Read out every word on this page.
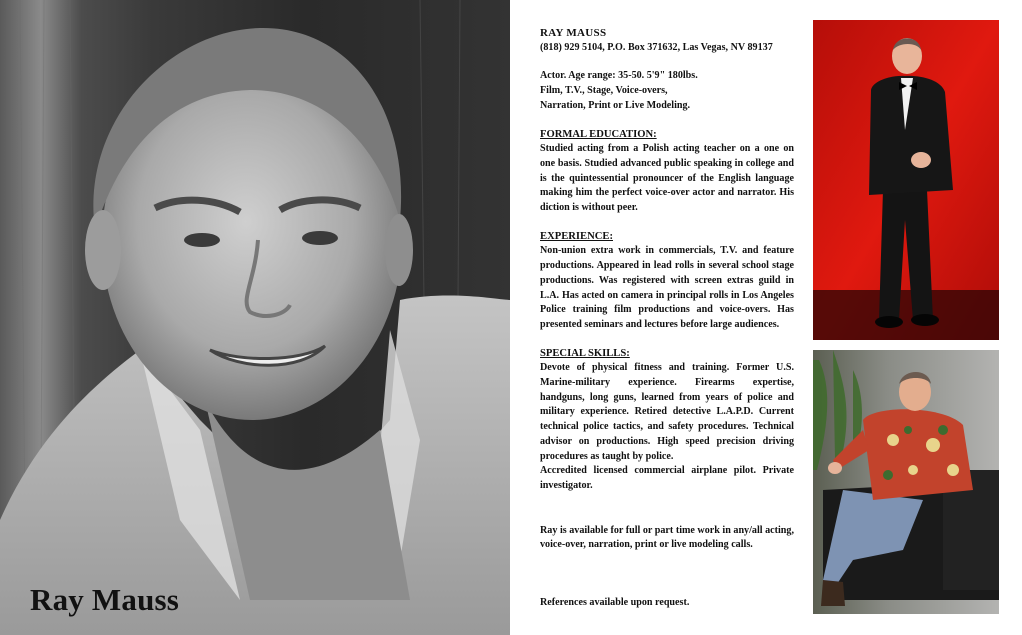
Ray Mauss

RAY MAUSS

(818) 929 5104, P.O. Box 371632, Las Vegas, NV 89137

Actor. Age range: 35-50. 5'9" 180lbs.

Film, T.V., Stage, Voice-overs,

Narration, Print or Live Modeling.

FORMAL EDUCATION:

Studied acting from a Polish acting teacher on a one on one basis. Studied advanced public speaking in college and is the quintessential pronouncer of the English language making him the perfect voice-over actor and narrator. His diction is without peer.

EXPERIENCE:

Non-union extra work in commercials, T.V. and feature productions. Appeared in lead rolls in several school stage productions. Was registered with screen extras guild in L.A. Has acted on camera in principal rolls in Los Angeles Police training film productions and voice-overs. Has presented seminars and lectures before large audiences.

SPECIAL SKILLS:

Devote of physical fitness and training. Former U.S. Marine-military experience. Firearms expertise, handguns, long guns, learned from years of police and military experience. Retired detective L.A.P.D. Current technical police tactics, and safety procedures. Technical advisor on productions. High speed precision driving procedures as taught by police.

Accredited licensed commercial airplane pilot. Private investigator.

Ray is available for full or part time work in any/all acting, voice-over, narration, print or live modeling calls.

References available upon request.
